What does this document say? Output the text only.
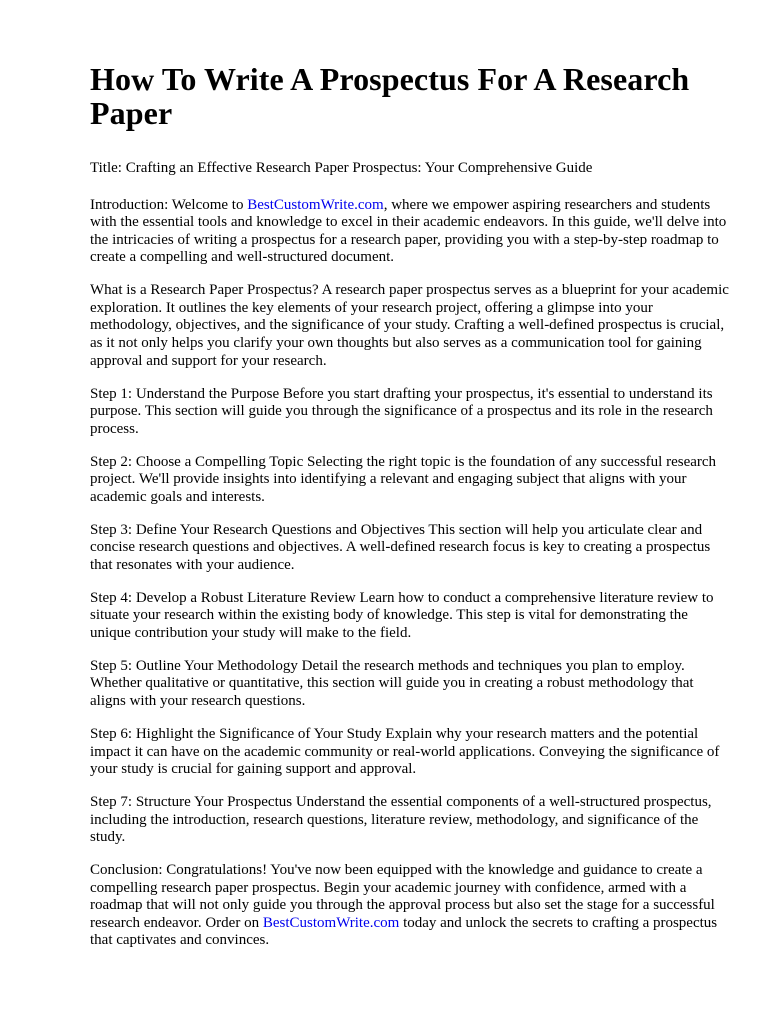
How To Write A Prospectus For A Research Paper

Title: Crafting an Effective Research Paper Prospectus: Your Comprehensive Guide

Introduction: Welcome to BestCustomWrite.com, where we empower aspiring researchers and students with the essential tools and knowledge to excel in their academic endeavors. In this guide, we'll delve into the intricacies of writing a prospectus for a research paper, providing you with a step-by-step roadmap to create a compelling and well-structured document.

What is a Research Paper Prospectus? A research paper prospectus serves as a blueprint for your academic exploration. It outlines the key elements of your research project, offering a glimpse into your methodology, objectives, and the significance of your study. Crafting a well-defined prospectus is crucial, as it not only helps you clarify your own thoughts but also serves as a communication tool for gaining approval and support for your research.

Step 1: Understand the Purpose Before you start drafting your prospectus, it's essential to understand its purpose. This section will guide you through the significance of a prospectus and its role in the research process.

Step 2: Choose a Compelling Topic Selecting the right topic is the foundation of any successful research project. We'll provide insights into identifying a relevant and engaging subject that aligns with your academic goals and interests.

Step 3: Define Your Research Questions and Objectives This section will help you articulate clear and concise research questions and objectives. A well-defined research focus is key to creating a prospectus that resonates with your audience.

Step 4: Develop a Robust Literature Review Learn how to conduct a comprehensive literature review to situate your research within the existing body of knowledge. This step is vital for demonstrating the unique contribution your study will make to the field.

Step 5: Outline Your Methodology Detail the research methods and techniques you plan to employ. Whether qualitative or quantitative, this section will guide you in creating a robust methodology that aligns with your research questions.

Step 6: Highlight the Significance of Your Study Explain why your research matters and the potential impact it can have on the academic community or real-world applications. Conveying the significance of your study is crucial for gaining support and approval.

Step 7: Structure Your Prospectus Understand the essential components of a well-structured prospectus, including the introduction, research questions, literature review, methodology, and significance of the study.

Conclusion: Congratulations! You've now been equipped with the knowledge and guidance to create a compelling research paper prospectus. Begin your academic journey with confidence, armed with a roadmap that will not only guide you through the approval process but also set the stage for a successful research endeavor. Order on BestCustomWrite.com today and unlock the secrets to crafting a prospectus that captivates and convinces.
